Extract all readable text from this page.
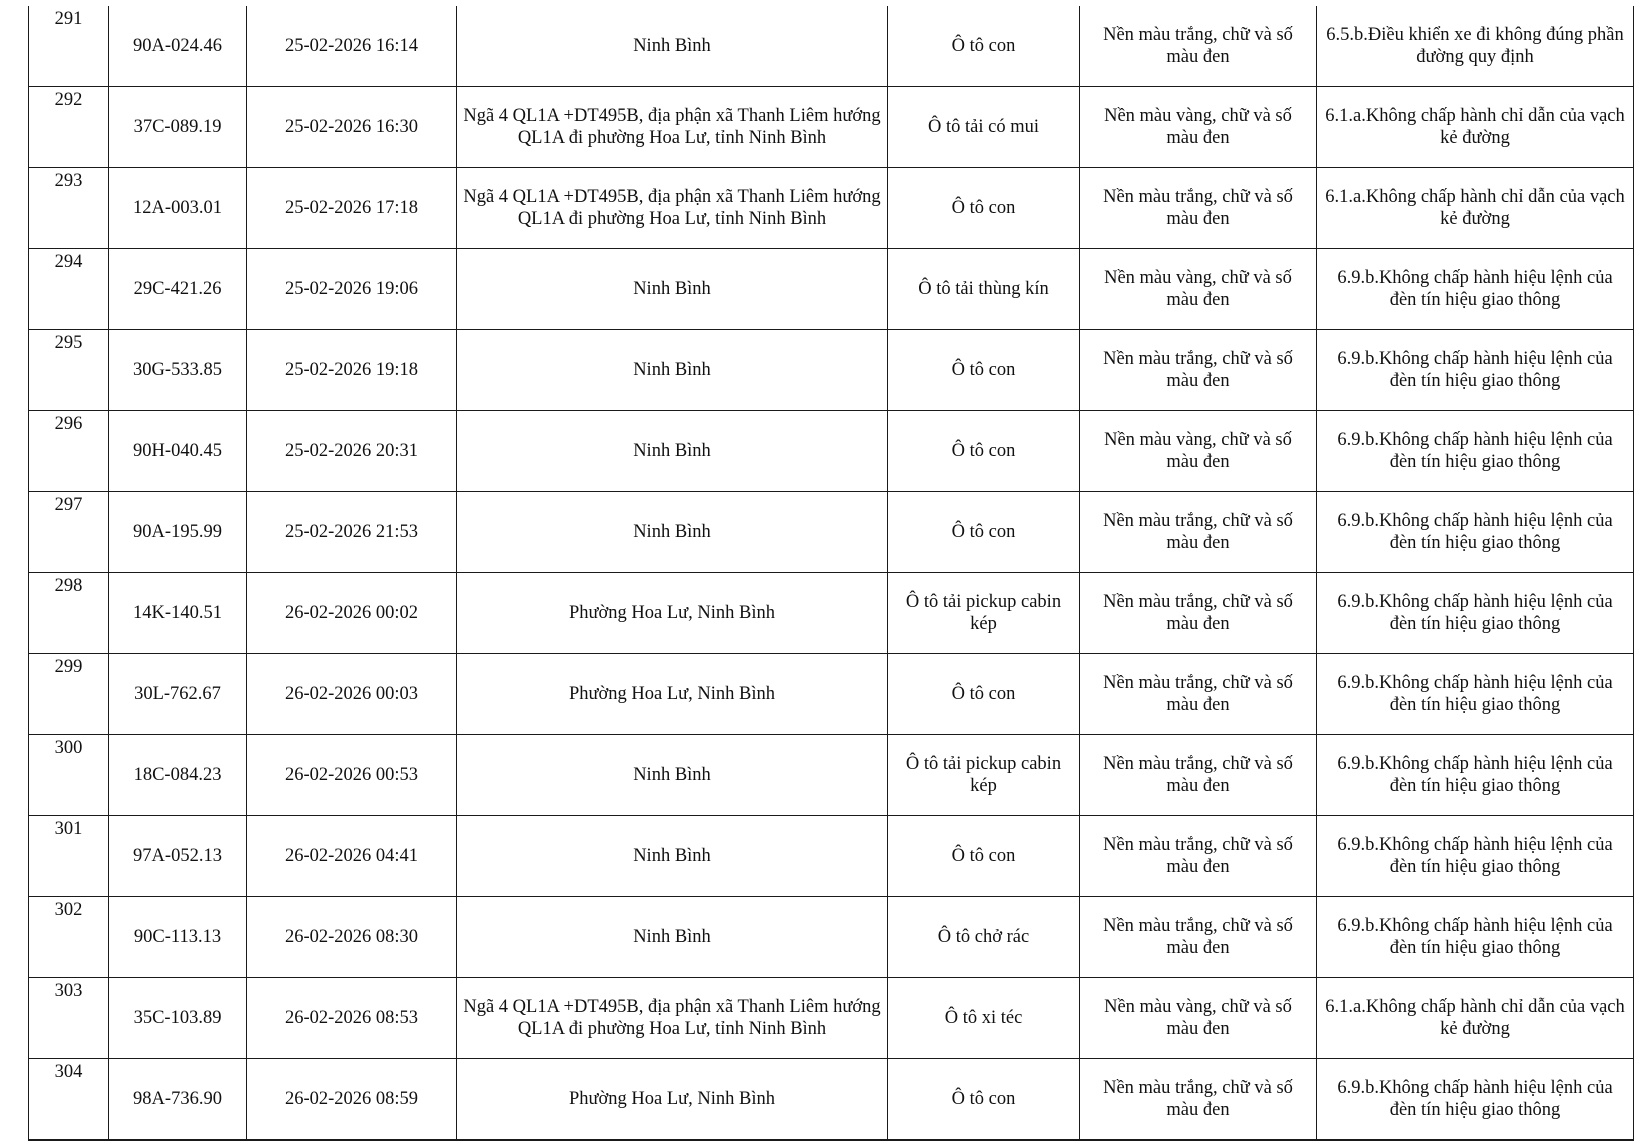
291	90A-024.46	25-02-2026 16:14	Ninh Bình	Ô tô con	Nền màu trắng, chữ và số màu đen	6.5.b.Điều khiển xe đi không đúng phần đường quy định
292	37C-089.19	25-02-2026 16:30	Ngã 4 QL1A +DT495B, địa phận xã Thanh Liêm hướng QL1A đi phường Hoa Lư, tỉnh Ninh Bình	Ô tô tải có mui	Nền màu vàng, chữ và số màu đen	6.1.a.Không chấp hành chỉ dẫn của vạch kẻ đường
293	12A-003.01	25-02-2026 17:18	Ngã 4 QL1A +DT495B, địa phận xã Thanh Liêm hướng QL1A đi phường Hoa Lư, tỉnh Ninh Bình	Ô tô con	Nền màu trắng, chữ và số màu đen	6.1.a.Không chấp hành chỉ dẫn của vạch kẻ đường
294	29C-421.26	25-02-2026 19:06	Ninh Bình	Ô tô tải thùng kín	Nền màu vàng, chữ và số màu đen	6.9.b.Không chấp hành hiệu lệnh của đèn tín hiệu giao thông
295	30G-533.85	25-02-2026 19:18	Ninh Bình	Ô tô con	Nền màu trắng, chữ và số màu đen	6.9.b.Không chấp hành hiệu lệnh của đèn tín hiệu giao thông
296	90H-040.45	25-02-2026 20:31	Ninh Bình	Ô tô con	Nền màu vàng, chữ và số màu đen	6.9.b.Không chấp hành hiệu lệnh của đèn tín hiệu giao thông
297	90A-195.99	25-02-2026 21:53	Ninh Bình	Ô tô con	Nền màu trắng, chữ và số màu đen	6.9.b.Không chấp hành hiệu lệnh của đèn tín hiệu giao thông
298	14K-140.51	26-02-2026 00:02	Phường Hoa Lư, Ninh Bình	Ô tô tải pickup cabin kép	Nền màu trắng, chữ và số màu đen	6.9.b.Không chấp hành hiệu lệnh của đèn tín hiệu giao thông
299	30L-762.67	26-02-2026 00:03	Phường Hoa Lư, Ninh Bình	Ô tô con	Nền màu trắng, chữ và số màu đen	6.9.b.Không chấp hành hiệu lệnh của đèn tín hiệu giao thông
300	18C-084.23	26-02-2026 00:53	Ninh Bình	Ô tô tải pickup cabin kép	Nền màu trắng, chữ và số màu đen	6.9.b.Không chấp hành hiệu lệnh của đèn tín hiệu giao thông
301	97A-052.13	26-02-2026 04:41	Ninh Bình	Ô tô con	Nền màu trắng, chữ và số màu đen	6.9.b.Không chấp hành hiệu lệnh của đèn tín hiệu giao thông
302	90C-113.13	26-02-2026 08:30	Ninh Bình	Ô tô chở rác	Nền màu trắng, chữ và số màu đen	6.9.b.Không chấp hành hiệu lệnh của đèn tín hiệu giao thông
303	35C-103.89	26-02-2026 08:53	Ngã 4 QL1A +DT495B, địa phận xã Thanh Liêm hướng QL1A đi phường Hoa Lư, tỉnh Ninh Bình	Ô tô xi téc	Nền màu vàng, chữ và số màu đen	6.1.a.Không chấp hành chỉ dẫn của vạch kẻ đường
304	98A-736.90	26-02-2026 08:59	Phường Hoa Lư, Ninh Bình	Ô tô con	Nền màu trắng, chữ và số màu đen	6.9.b.Không chấp hành hiệu lệnh của đèn tín hiệu giao thông
